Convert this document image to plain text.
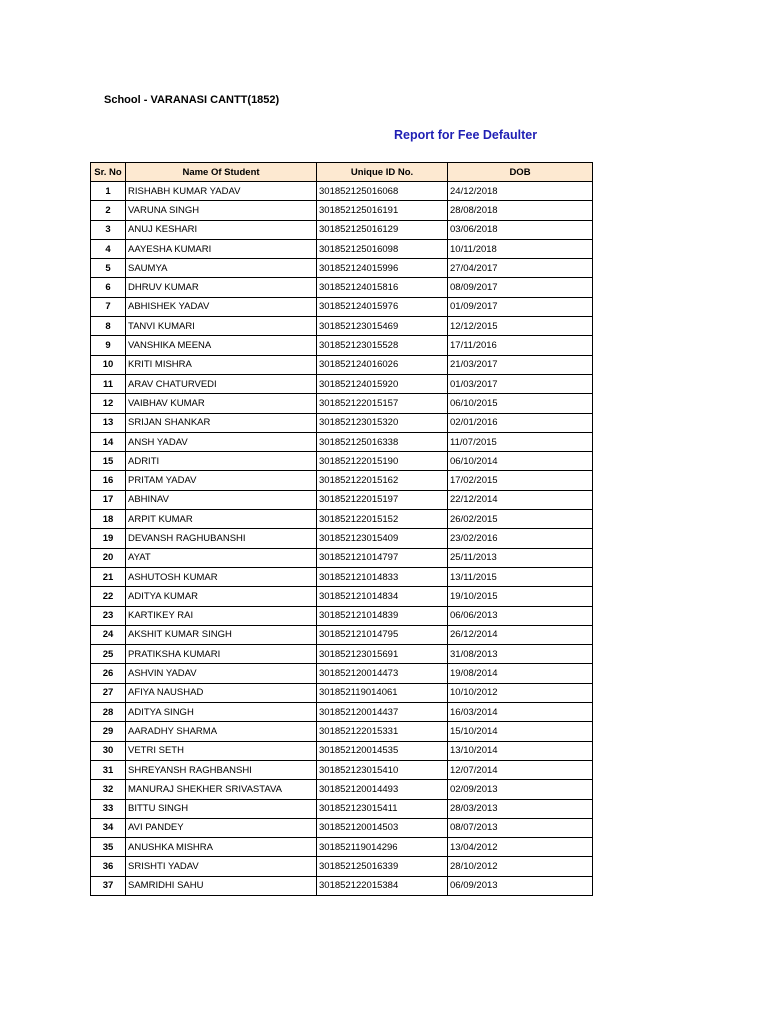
School - VARANASI CANTT(1852)
Report for Fee Defaulter
Sr. No	Name Of Student	Unique ID No.	DOB
1	RISHABH KUMAR YADAV	301852125016068	24/12/2018
2	VARUNA SINGH	301852125016191	28/08/2018
3	ANUJ KESHARI	301852125016129	03/06/2018
4	AAYESHA KUMARI	301852125016098	10/11/2018
5	SAUMYA	301852124015996	27/04/2017
6	DHRUV KUMAR	301852124015816	08/09/2017
7	ABHISHEK YADAV	301852124015976	01/09/2017
8	TANVI KUMARI	301852123015469	12/12/2015
9	VANSHIKA MEENA	301852123015528	17/11/2016
10	KRITI MISHRA	301852124016026	21/03/2017
11	ARAV CHATURVEDI	301852124015920	01/03/2017
12	VAIBHAV KUMAR	301852122015157	06/10/2015
13	SRIJAN SHANKAR	301852123015320	02/01/2016
14	ANSH YADAV	301852125016338	11/07/2015
15	ADRITI	301852122015190	06/10/2014
16	PRITAM YADAV	301852122015162	17/02/2015
17	ABHINAV	301852122015197	22/12/2014
18	ARPIT KUMAR	301852122015152	26/02/2015
19	DEVANSH RAGHUBANSHI	301852123015409	23/02/2016
20	AYAT	301852121014797	25/11/2013
21	ASHUTOSH KUMAR	301852121014833	13/11/2015
22	ADITYA KUMAR	301852121014834	19/10/2015
23	KARTIKEY RAI	301852121014839	06/06/2013
24	AKSHIT KUMAR SINGH	301852121014795	26/12/2014
25	PRATIKSHA KUMARI	301852123015691	31/08/2013
26	ASHVIN YADAV	301852120014473	19/08/2014
27	AFIYA NAUSHAD	301852119014061	10/10/2012
28	ADITYA SINGH	301852120014437	16/03/2014
29	AARADHY SHARMA	301852122015331	15/10/2014
30	VETRI SETH	301852120014535	13/10/2014
31	SHREYANSH RAGHBANSHI	301852123015410	12/07/2014
32	MANURAJ SHEKHER SRIVASTAVA	301852120014493	02/09/2013
33	BITTU SINGH	301852123015411	28/03/2013
34	AVI PANDEY	301852120014503	08/07/2013
35	ANUSHKA MISHRA	301852119014296	13/04/2012
36	SRISHTI YADAV	301852125016339	28/10/2012
37	SAMRIDHI SAHU	301852122015384	06/09/2013
